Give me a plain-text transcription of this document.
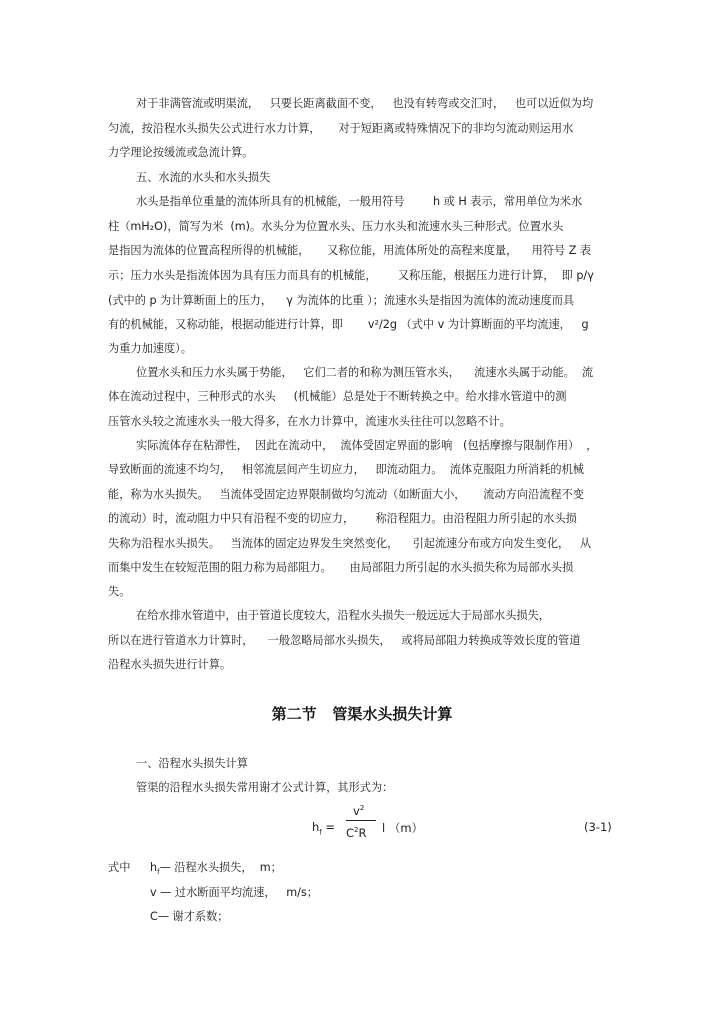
对于非满管流或明渠流，   只要长距离截面不变，   也没有转弯或交汇时，   也可以近似为均
匀流，按沿程水头损失公式进行水力计算，     对于短距离或特殊情况下的非均匀流动则运用水
力学理论按缓流或急流计算。
五、水流的水头和水头损失
水头是指单位重量的流体所具有的机械能，一般用符号        h 或 H 表示，常用单位为米水
柱（mH₂O)，简写为米  (m)。水头分为位置水头、压力水头和流速水头三种形式。位置水头
是指因为流体的位置高程所得的机械能，     又称位能，用流体所处的高程来度量，    用符号 Z 表
示；压力水头是指流体因为具有压力而具有的机械能，      又称压能，根据压力进行计算，  即 p/γ
(式中的 p 为计算断面上的压力，    γ 为流体的比重 ）；流速水头是指因为流体的流动速度而具
有的机械能，又称动能，根据动能进行计算，即       v²/2g （式中 v 为计算断面的平均流速，   g
为重力加速度）。
位置水头和压力水头属于势能，   它们二者的和称为测压管水头，    流速水头属于动能。  流
体在流动过程中，三种形式的水头     (机械能）总是处于不断转换之中。给水排水管道中的测
压管水头较之流速水头一般大得多，在水力计算中，流速水头往往可以忽略不计。
实际流体存在粘滞性，  因此在流动中，  流体受固定界面的影响   (包括摩擦与限制作用）  ，
导致断面的流速不均匀，   相邻流层间产生切应力，   即流动阻力。  流体克服阻力所消耗的机械
能，称为水头损失。   当流体受固定边界限制做均匀流动（如断面大小，     流动方向沿流程不变
的流动）时，流动阻力中只有沿程不变的切应力，      称沿程阻力。由沿程阻力所引起的水头损
失称为沿程水头损失。   当流体的固定边界发生突然变化，    引起流速分布或方向发生变化，   从
而集中发生在较短范围的阻力称为局部阻力。     由局部阻力所引起的水头损失称为局部水头损
失。
在给水排水管道中，由于管道长度较大，沿程水头损失一般远远大于局部水头损失，
所以在进行管道水力计算时，    一般忽略局部水头损失，   或将局部阻力转换成等效长度的管道
沿程水头损失进行计算。
第二节   管渠水头损失计算
一、沿程水头损失计算
管渠的沿程水头损失常用谢才公式计算，其形式为：
$h_f$ =
$v^2$
$C^2R$ l （m）	(3-1)
式中 $h_f—$ 沿程水头损失，  m；
v — 过水断面平均流速，   m/s；
C— 谢才系数；
